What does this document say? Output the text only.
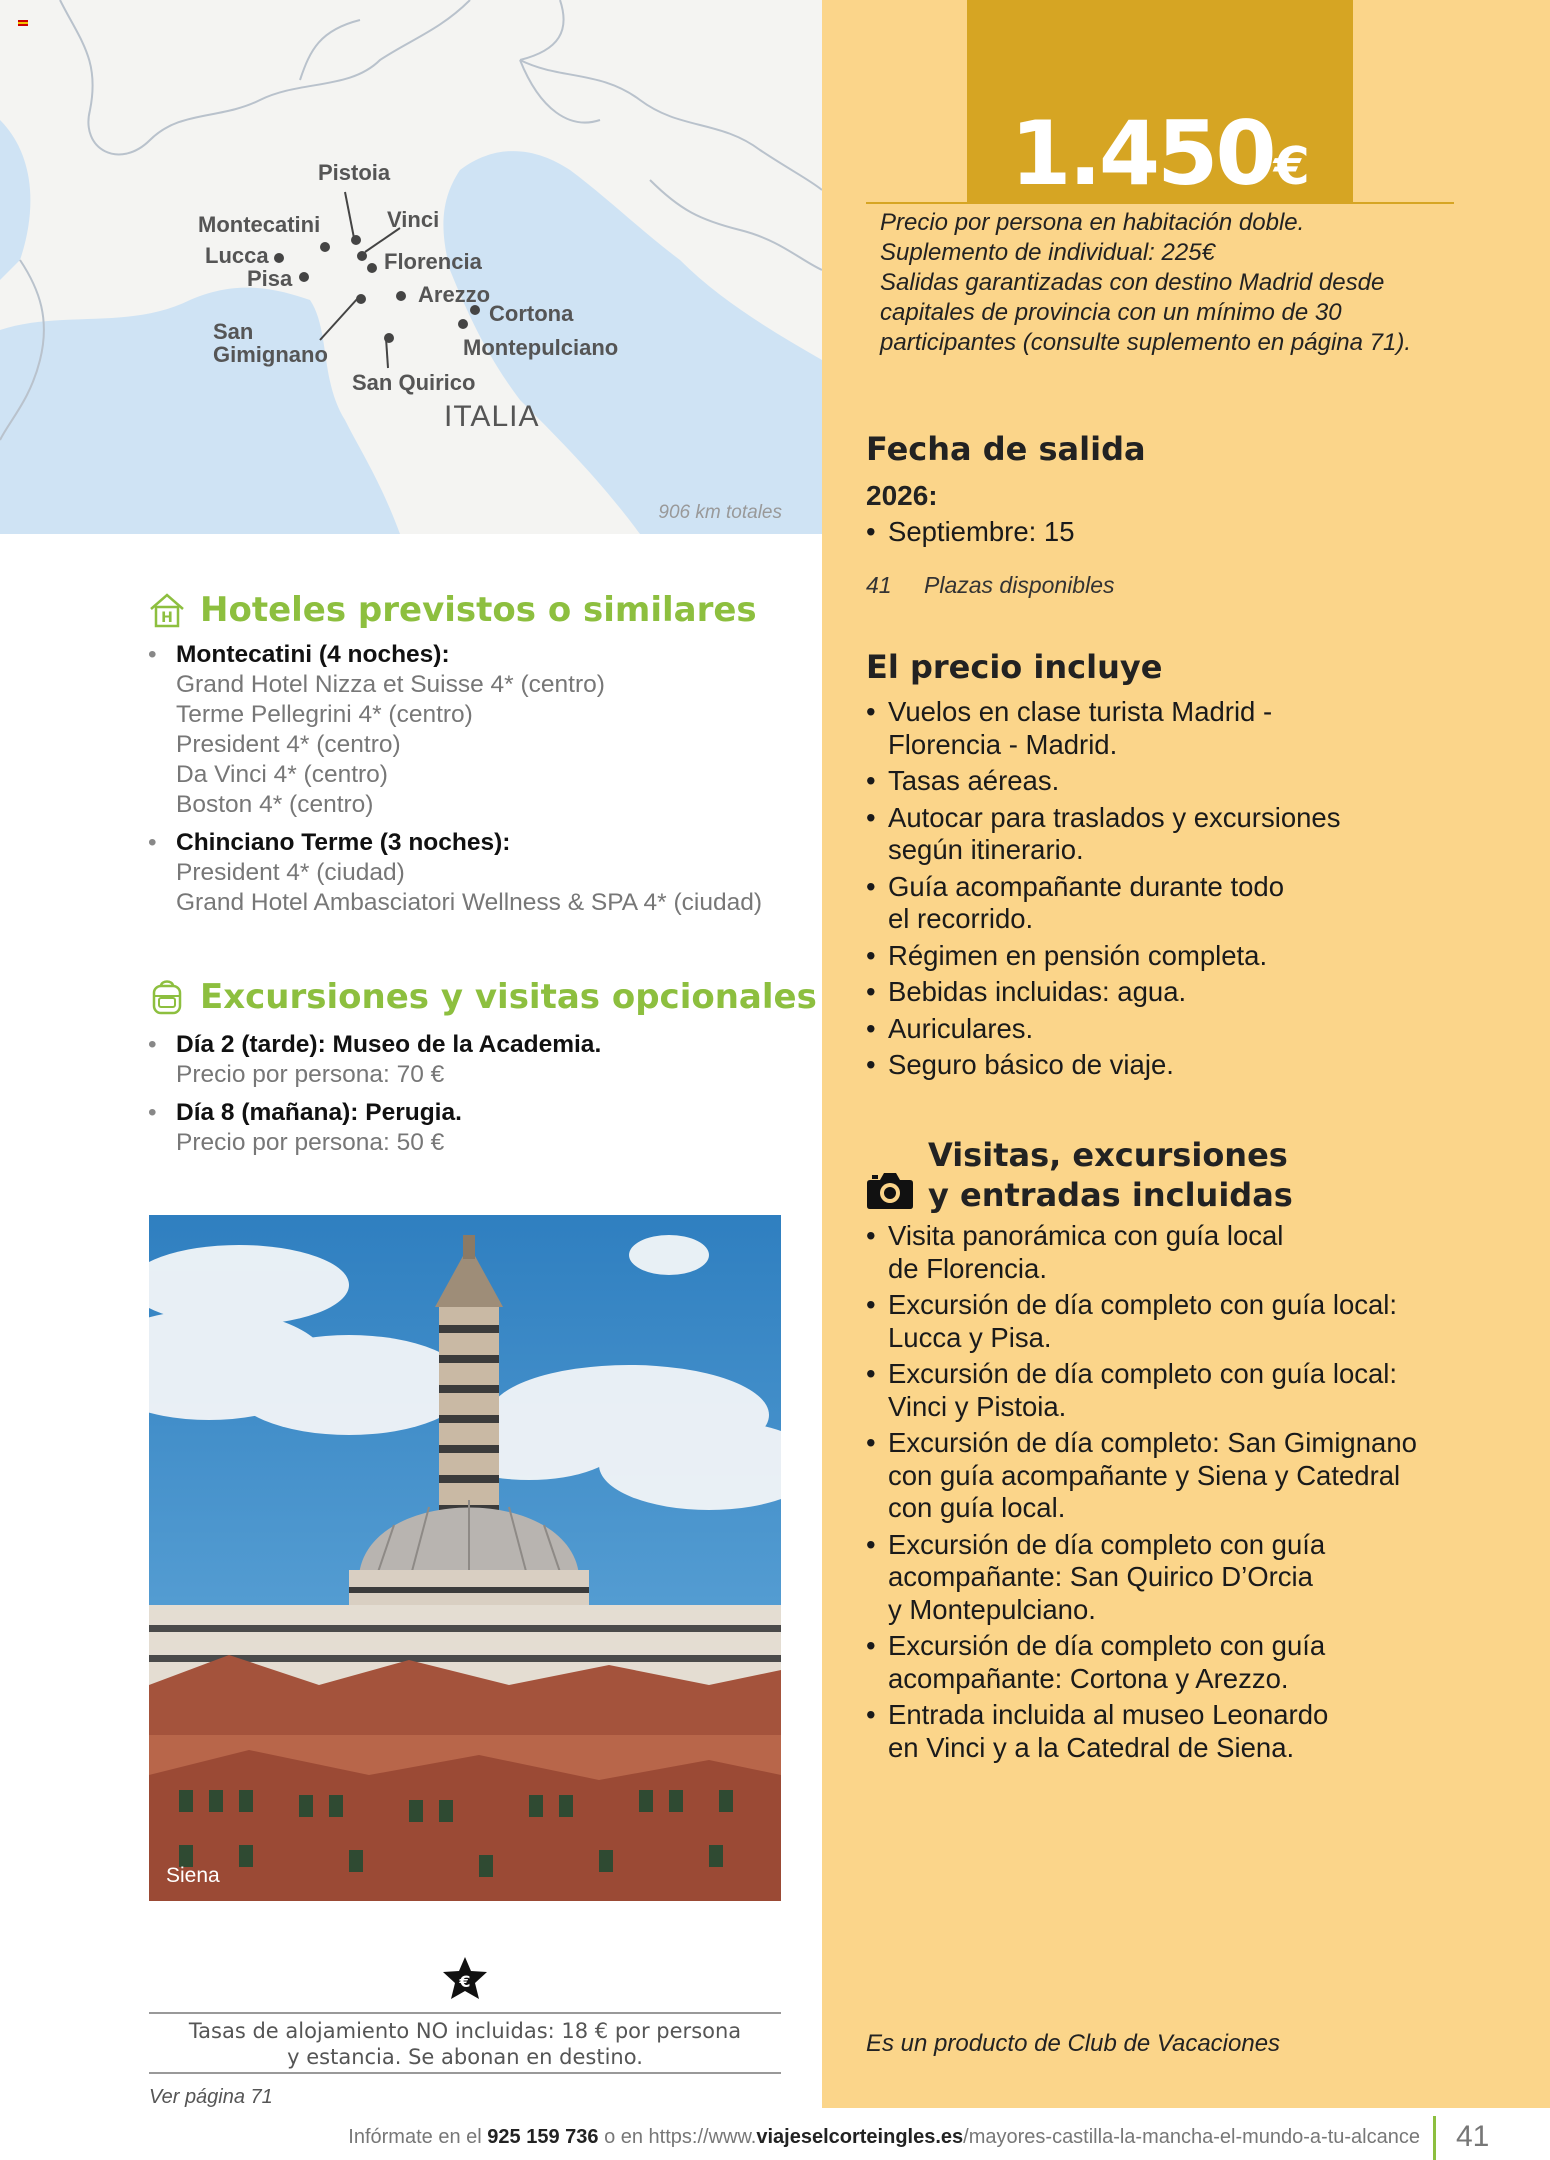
Pistoia
Montecatini	Vinci
Lucca	Florencia
Pisa
Arezzo
Cortona
San
Gimignano	Montepulciano
San Quirico
ITALIA
906 km totales
H Hoteles previstos o similares
• Montecatini (4 noches):
Grand Hotel Nizza et Suisse 4* (centro)
Terme Pellegrini 4* (centro)
President 4* (centro)
Da Vinci 4* (centro)
Boston 4* (centro)
• Chinciano Terme (3 noches):
President 4* (ciudad)
Grand Hotel Ambasciatori Wellness & SPA 4* (ciudad)
Excursiones y visitas opcionales
• Día 2 (tarde): Museo de la Academia.
Precio por persona: 70 €
• Día 8 (mañana): Perugia.
Precio por persona: 50 €
Siena
€
Tasas de alojamiento NO incluidas: 18 € por persona
y estancia. Se abonan en destino.
Ver página 71
1.450€
Precio por persona en habitación doble.
Suplemento de individual: 225€
Salidas garantizadas con destino Madrid desde
capitales de provincia con un mínimo de 30
participantes (consulte suplemento en página 71).
Fecha de salida
2026:
• Septiembre: 15
41 Plazas disponibles
El precio incluye
• Vuelos en clase turista Madrid -
Florencia - Madrid.
• Tasas aéreas.
• Autocar para traslados y excursiones
según itinerario.
• Guía acompañante durante todo
el recorrido.
• Régimen en pensión completa.
• Bebidas incluidas: agua.
• Auriculares.
• Seguro básico de viaje.
Visitas, excursiones
y entradas incluidas
• Visita panorámica con guía local
de Florencia.
• Excursión de día completo con guía local:
Lucca y Pisa.
• Excursión de día completo con guía local:
Vinci y Pistoia.
• Excursión de día completo: San Gimignano
con guía acompañante y Siena y Catedral
con guía local.
• Excursión de día completo con guía
acompañante: San Quirico D’Orcia
y Montepulciano.
• Excursión de día completo con guía
acompañante: Cortona y Arezzo.
• Entrada incluida al museo Leonardo
en Vinci y a la Catedral de Siena.
Es un producto de Club de Vacaciones
Infórmate en el 925 159 736 o en https://www.viajeselcorteingles.es/mayores-castilla-la-mancha-el-mundo-a-tu-alcance 41
